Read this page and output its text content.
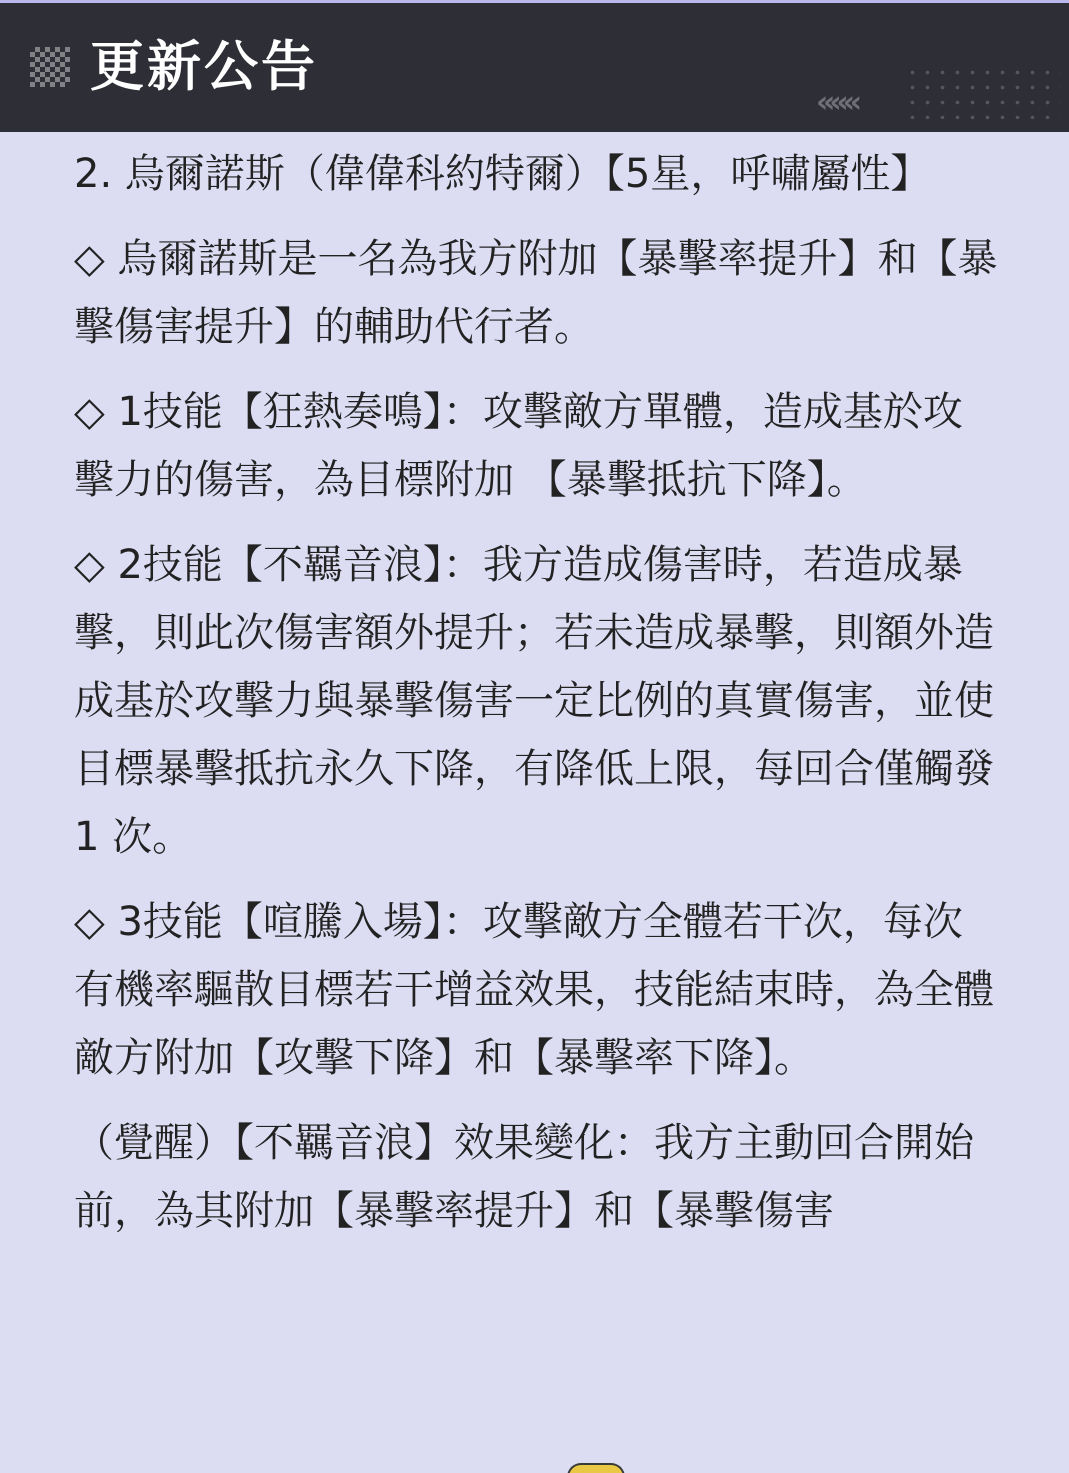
更新公告
«««

2. 烏爾諾斯（偉偉科約特爾）【5星，呼嘯屬性】

◇ 烏爾諾斯是一名為我方附加【暴擊率提升】和【暴擊傷害提升】的輔助代行者。

◇ 1技能【狂熱奏鳴】：攻擊敵方單體，造成基於攻擊力的傷害，為目標附加 【暴擊抵抗下降】。

◇ 2技能【不羈音浪】：我方造成傷害時，若造成暴擊，則此次傷害額外提升；若未造成暴擊，則額外造成基於攻擊力與暴擊傷害一定比例的真實傷害，並使目標暴擊抵抗永久下降，有降低上限，每回合僅觸發 1 次。

◇ 3技能【喧騰入場】：攻擊敵方全體若干次，每次有機率驅散目標若干增益效果，技能結束時，為全體敵方附加【攻擊下降】和【暴擊率下降】。

（覺醒）【不羈音浪】效果變化：我方主動回合開始前，為其附加【暴擊率提升】和【暴擊傷害
